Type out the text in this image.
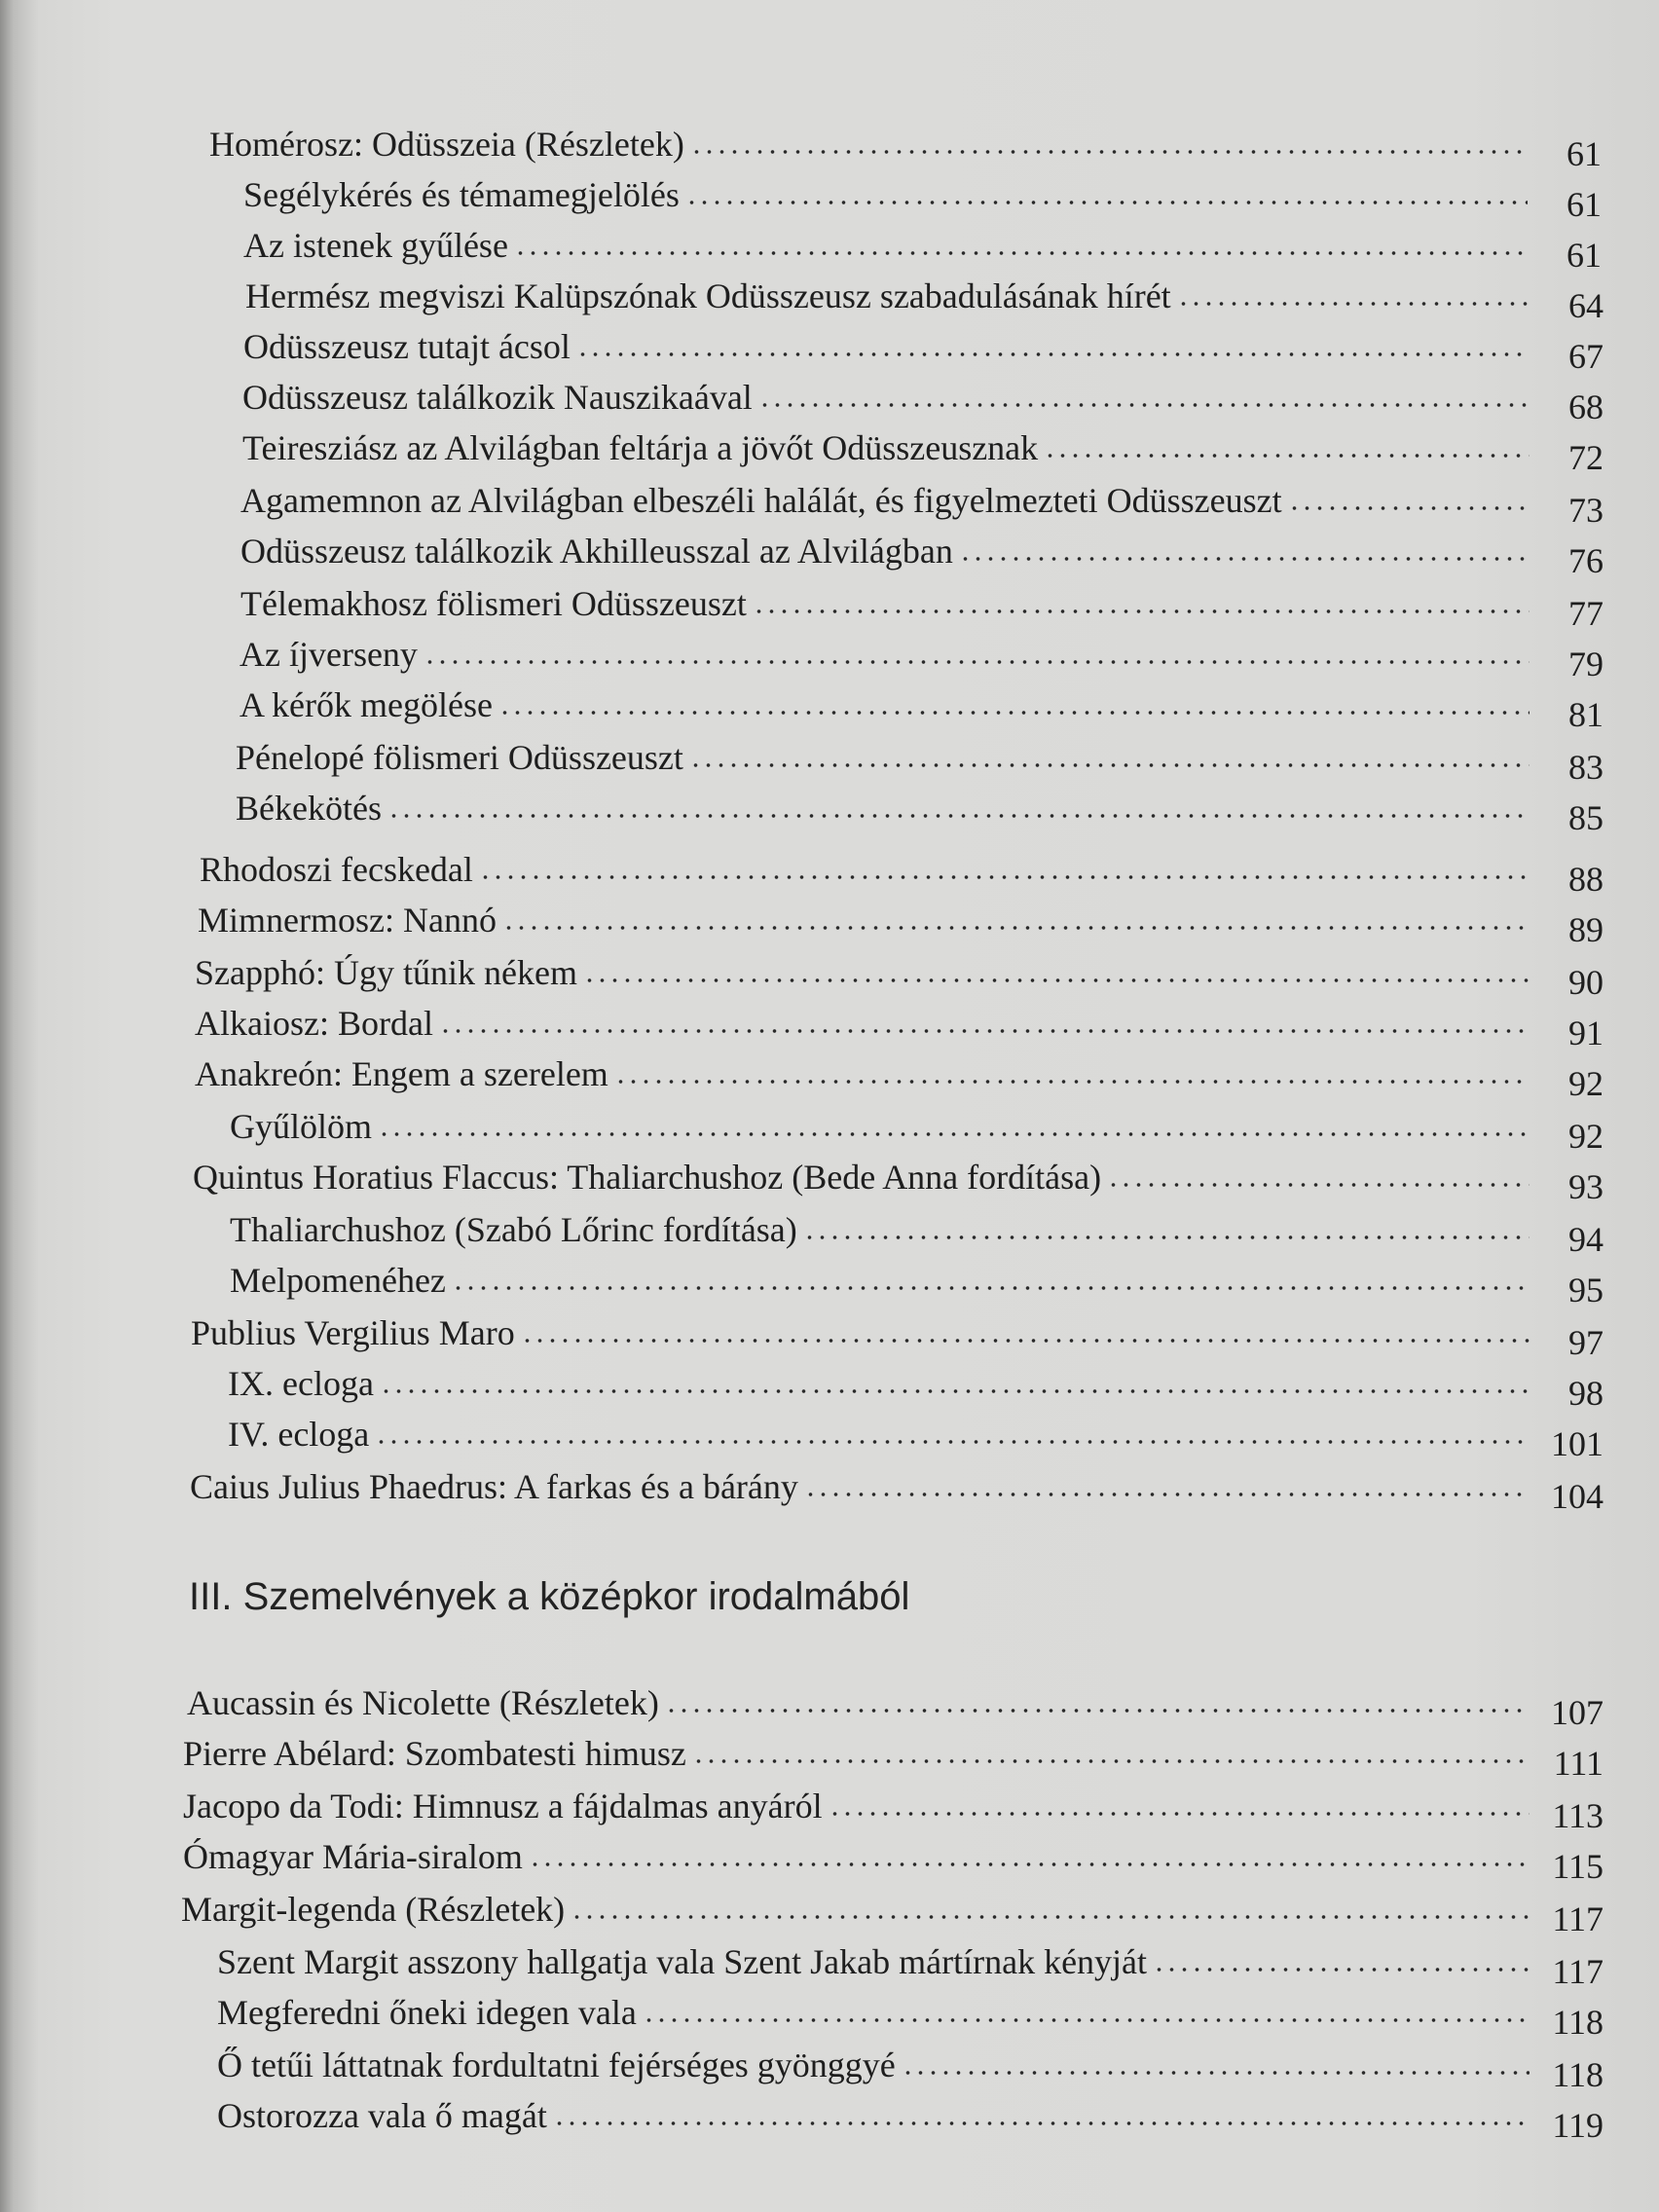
Homérosz: Odüsszeia (Részletek)	61
Segélykérés és témamegjelölés	61
Az istenek gyűlése	61
Hermész megviszi Kalüpszónak Odüsszeusz szabadulásának hírét	64
Odüsszeusz tutajt ácsol	67
Odüsszeusz találkozik Nauszikaával	68
Teiresziász az Alvilágban feltárja a jövőt Odüsszeusznak	72
Agamemnon az Alvilágban elbeszéli halálát, és figyelmezteti Odüsszeuszt	73
Odüsszeusz találkozik Akhilleusszal az Alvilágban	76
Télemakhosz fölismeri Odüsszeuszt	77
Az íjverseny	79
A kérők megölése	81
Pénelopé fölismeri Odüsszeuszt	83
Békekötés	85
Rhodoszi fecskedal	88
Mimnermosz: Nannó	89
Szapphó: Úgy tűnik nékem	90
Alkaiosz: Bordal	91
Anakreón: Engem a szerelem	92
Gyűlölöm	92
Quintus Horatius Flaccus: Thaliarchushoz (Bede Anna fordítása)	93
Thaliarchushoz (Szabó Lőrinc fordítása)	94
Melpomenéhez	95
Publius Vergilius Maro	97
IX. ecloga	98
IV. ecloga	101
Caius Julius Phaedrus: A farkas és a bárány	104
III. Szemelvények a középkor irodalmából
Aucassin és Nicolette (Részletek)	107
Pierre Abélard: Szombatesti himusz	111
Jacopo da Todi: Himnusz a fájdalmas anyáról	113
Ómagyar Mária-siralom	115
Margit-legenda (Részletek)	117
Szent Margit asszony hallgatja vala Szent Jakab mártírnak kényját	117
Megferedni őneki idegen vala	118
Ő tetűi láttatnak fordultatni fejérséges gyönggyé	118
Ostorozza vala ő magát	119
